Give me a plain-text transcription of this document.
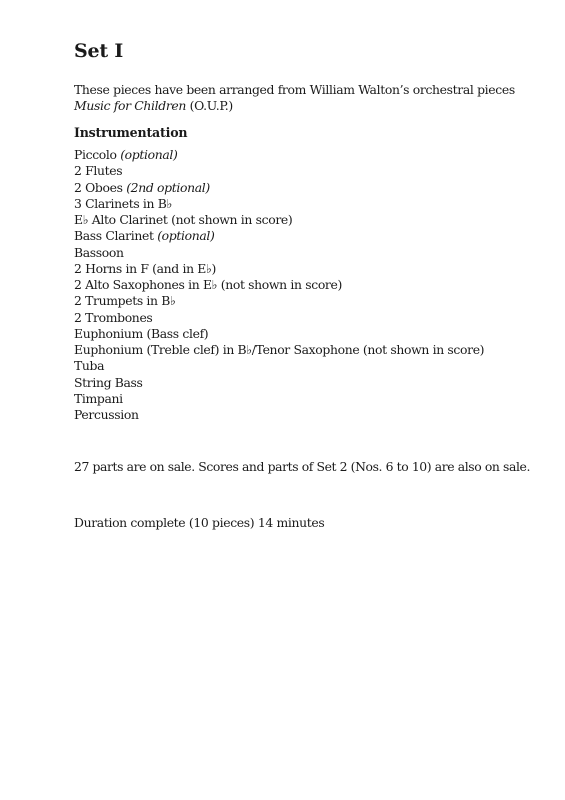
Set I

These pieces have been arranged from William Walton’s orchestral pieces Music for Children (O.U.P.)

Instrumentation
Piccolo (optional)
2 Flutes
2 Oboes (2nd optional)
3 Clarinets in B♭
E♭ Alto Clarinet (not shown in score)
Bass Clarinet (optional)
Bassoon
2 Horns in F (and in E♭)
2 Alto Saxophones in E♭ (not shown in score)
2 Trumpets in B♭
2 Trombones
Euphonium (Bass clef)
Euphonium (Treble clef) in B♭/Tenor Saxophone (not shown in score)
Tuba
String Bass
Timpani
Percussion

27 parts are on sale. Scores and parts of Set 2 (Nos. 6 to 10) are also on sale.

Duration complete (10 pieces) 14 minutes
